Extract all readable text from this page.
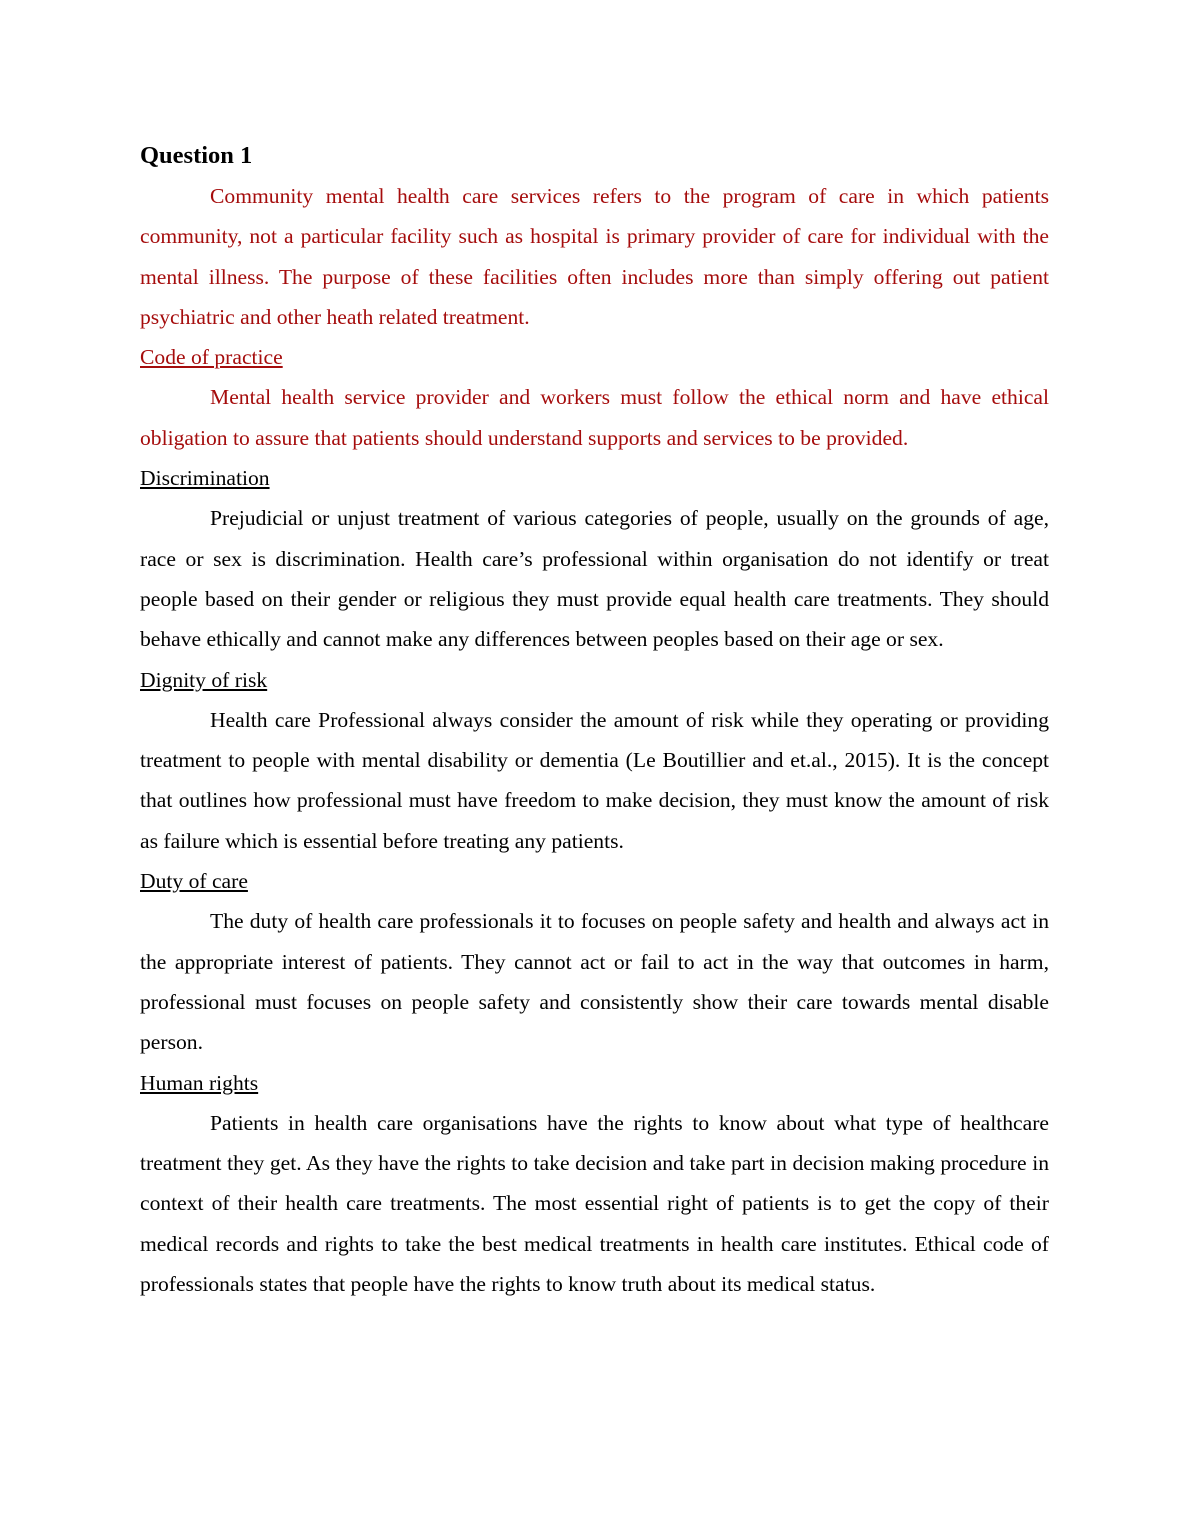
Question 1

Community mental health care services refers to the program of care in which patients community, not a particular facility such as hospital is primary provider of care for individual with the mental illness. The purpose of these facilities often includes more than simply offering out patient psychiatric and other heath related treatment.

Code of practice

Mental health service provider and workers must follow the ethical norm and have ethical obligation to assure that patients should understand supports and services to be provided.

Discrimination

Prejudicial or unjust treatment of various categories of people, usually on the grounds of age, race or sex is discrimination. Health care’s professional within organisation do not identify or treat people based on their gender or religious they must provide equal health care treatments. They should behave ethically and cannot make any differences between peoples based on their age or sex.

Dignity of risk

Health care Professional always consider the amount of risk while they operating or providing treatment to people with mental disability or dementia (Le Boutillier and et.al., 2015). It is the concept that outlines how professional must have freedom to make decision, they must know the amount of risk as failure which is essential before treating any patients.

Duty of care

The duty of health care professionals it to focuses on people safety and health and always act in the appropriate interest of patients. They cannot act or fail to act in the way that outcomes in harm, professional must focuses on people safety and consistently show their care towards mental disable person.

Human rights

Patients in health care organisations have the rights to know about what type of healthcare treatment they get. As they have the rights to take decision and take part in decision making procedure in context of their health care treatments. The most essential right of patients is to get the copy of their medical records and rights to take the best medical treatments in health care institutes. Ethical code of professionals states that people have the rights to know truth about its medical status.
